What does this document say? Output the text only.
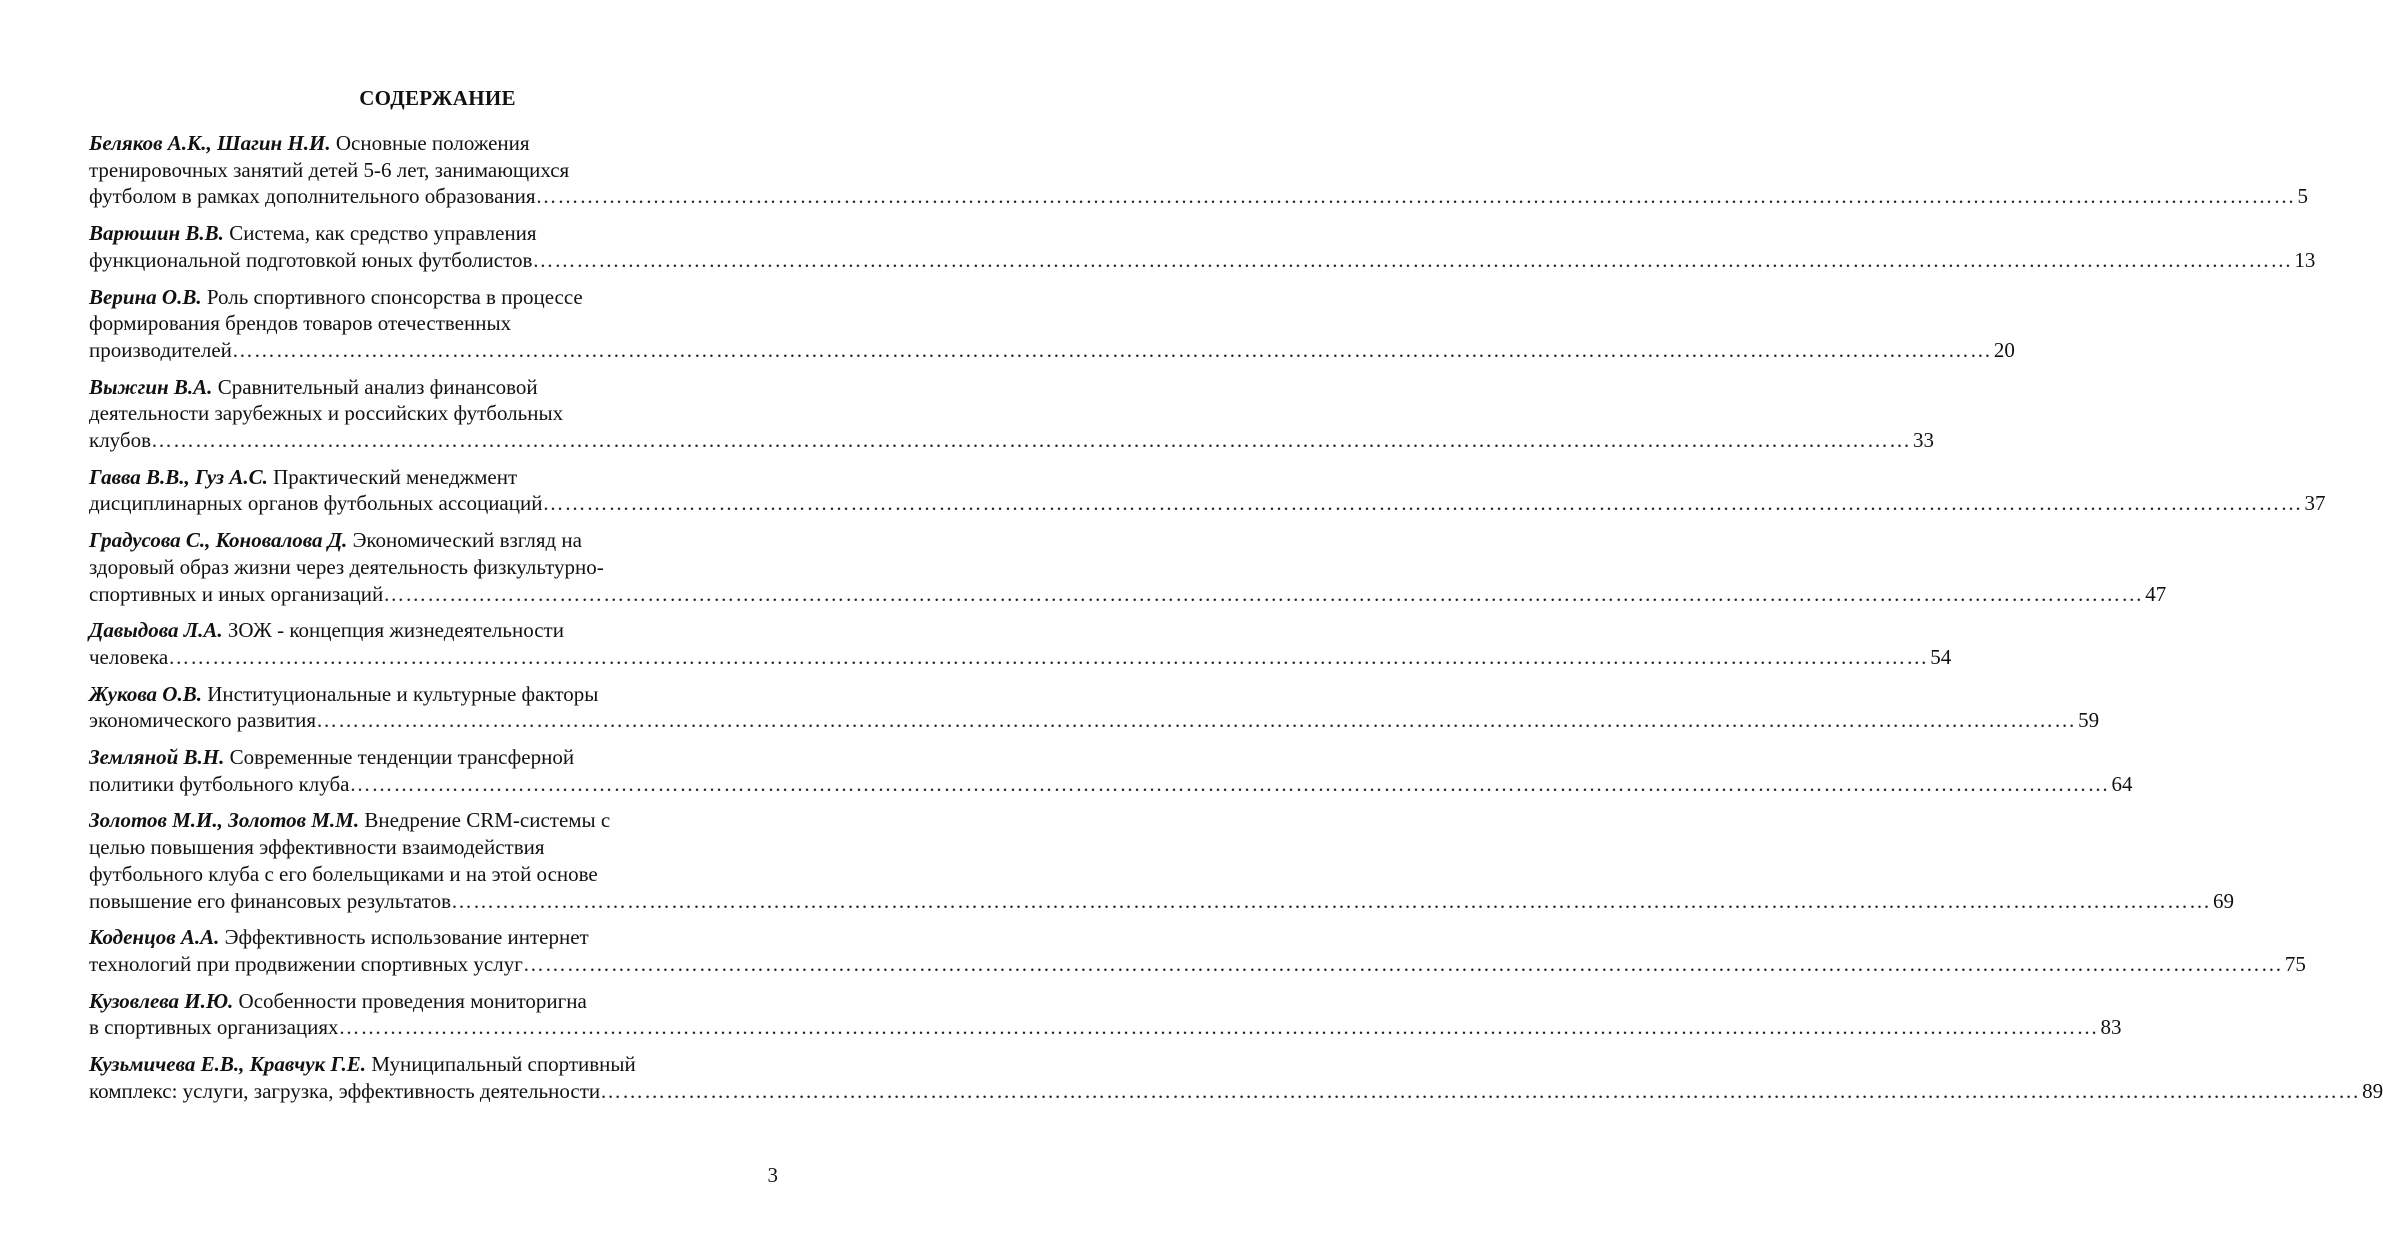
СОДЕРЖАНИЕ
Беляков А.К., Шагин Н.И. Основные положения
тренировочных занятий детей 5-6 лет, занимающихся
футболом в рамках дополнительного образования …………………………………………………………………………………………………………………………………………………………………………………………………………………… 5
Варюшин В.В. Система, как средство управления
функциональной подготовкой юных футболистов …………………………………………………………………………………………………………………………………………………………………………………………………………………… 13
Верина О.В. Роль спортивного спонсорства в процессе
формирования брендов товаров отечественных
производителей …………………………………………………………………………………………………………………………………………………………………………………………………………………… 20
Выжгин В.А. Сравнительный анализ финансовой
деятельности зарубежных и российских футбольных
клубов …………………………………………………………………………………………………………………………………………………………………………………………………………………… 33
Гавва В.В., Гуз А.С. Практический менеджмент
дисциплинарных органов футбольных ассоциаций …………………………………………………………………………………………………………………………………………………………………………………………………………………… 37
Градусова С., Коновалова Д. Экономический взгляд на
здоровый образ жизни через деятельность физкультурно-
спортивных и иных организаций …………………………………………………………………………………………………………………………………………………………………………………………………………………… 47
Давыдова Л.А. ЗОЖ - концепция жизнедеятельности
человека …………………………………………………………………………………………………………………………………………………………………………………………………………………… 54
Жукова О.В. Институциональные и культурные факторы
экономического развития …………………………………………………………………………………………………………………………………………………………………………………………………………………… 59
Земляной В.Н. Современные тенденции трансферной
политики футбольного клуба …………………………………………………………………………………………………………………………………………………………………………………………………………………… 64
Золотов М.И., Золотов М.М. Внедрение CRM-системы с
целью повышения эффективности взаимодействия
футбольного клуба с его болельщиками и на этой основе
повышение его финансовых результатов …………………………………………………………………………………………………………………………………………………………………………………………………………………… 69
Коденцов А.А. Эффективность использование интернет
технологий при продвижении спортивных услуг …………………………………………………………………………………………………………………………………………………………………………………………………………………… 75
Кузовлева И.Ю. Особенности проведения мониторигна
в спортивных организациях …………………………………………………………………………………………………………………………………………………………………………………………………………………… 83
Кузьмичева Е.В., Кравчук Г.Е. Муниципальный спортивный
комплекс: услуги, загрузка, эффективность деятельности …………………………………………………………………………………………………………………………………………………………………………………………………………………… 89
3
